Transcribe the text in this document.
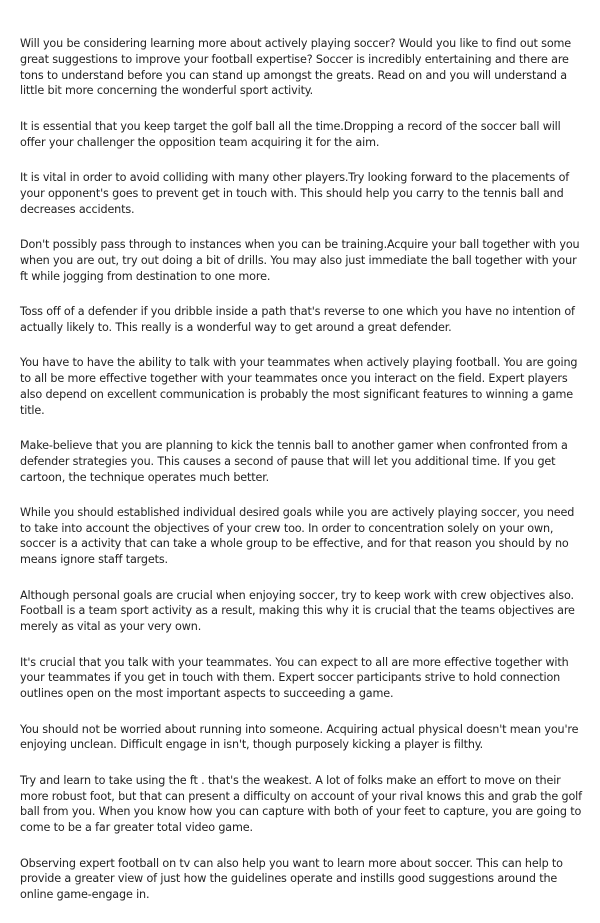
Will you be considering learning more about actively playing soccer? Would you like to find out some great suggestions to improve your football expertise? Soccer is incredibly entertaining and there are tons to understand before you can stand up amongst the greats. Read on and you will understand a little bit more concerning the wonderful sport activity.

It is essential that you keep target the golf ball all the time.Dropping a record of the soccer ball will offer your challenger the opposition team acquiring it for the aim.

It is vital in order to avoid colliding with many other players.Try looking forward to the placements of your opponent's goes to prevent get in touch with. This should help you carry to the tennis ball and decreases accidents.

Don't possibly pass through to instances when you can be training.Acquire your ball together with you when you are out, try out doing a bit of drills. You may also just immediate the ball together with your ft while jogging from destination to one more.

Toss off of a defender if you dribble inside a path that's reverse to one which you have no intention of actually likely to. This really is a wonderful way to get around a great defender.

You have to have the ability to talk with your teammates when actively playing football. You are going to all be more effective together with your teammates once you interact on the field. Expert players also depend on excellent communication is probably the most significant features to winning a game title.

Make-believe that you are planning to kick the tennis ball to another gamer when confronted from a defender strategies you. This causes a second of pause that will let you additional time. If you get cartoon, the technique operates much better.

While you should established individual desired goals while you are actively playing soccer, you need to take into account the objectives of your crew too. In order to concentration solely on your own, soccer is a activity that can take a whole group to be effective, and for that reason you should by no means ignore staff targets.

Although personal goals are crucial when enjoying soccer, try to keep work with crew objectives also. Football is a team sport activity as a result, making this why it is crucial that the teams objectives are merely as vital as your very own.

It's crucial that you talk with your teammates. You can expect to all are more effective together with your teammates if you get in touch with them. Expert soccer participants strive to hold connection outlines open on the most important aspects to succeeding a game.

You should not be worried about running into someone. Acquiring actual physical doesn't mean you're enjoying unclean. Difficult engage in isn't, though purposely kicking a player is filthy.

Try and learn to take using the ft . that's the weakest. A lot of folks make an effort to move on their more robust foot, but that can present a difficulty on account of your rival knows this and grab the golf ball from you. When you know how you can capture with both of your feet to capture, you are going to come to be a far greater total video game.

Observing expert football on tv can also help you want to learn more about soccer. This can help to provide a greater view of just how the guidelines operate and instills good suggestions around the online game-engage in.
